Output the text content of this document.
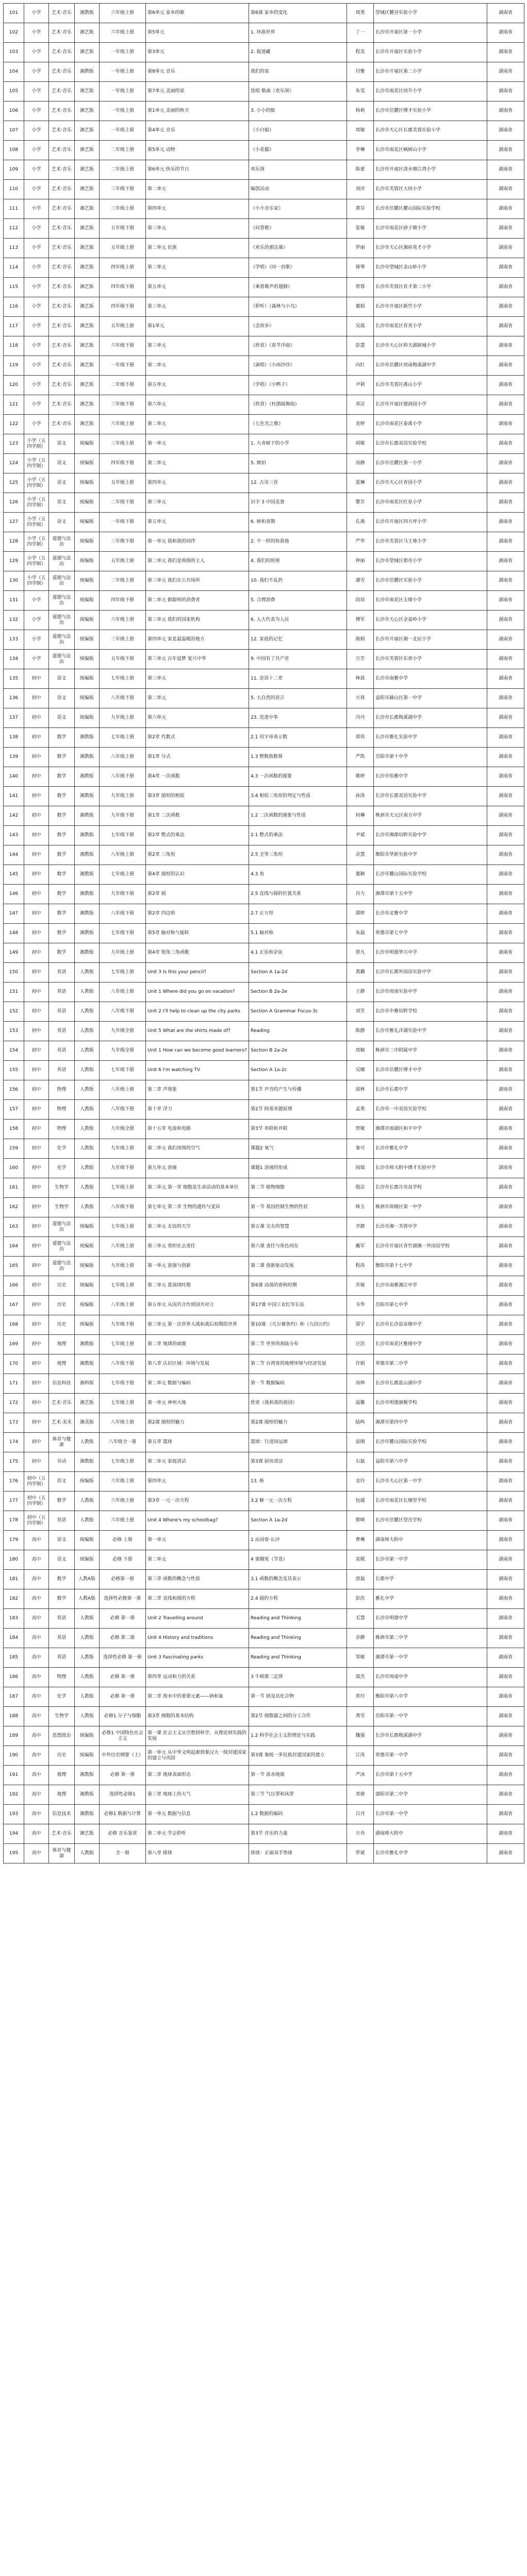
101	小学	艺术·音乐	湘教版	六年级上册	第6单元 家乡的歌	第6课 家乡的变化	周勇	望城区麓谷实验小学	湖南省
102	小学	艺术·音乐	湘艺版	六年级上册	第5单元	1. 环游世界	丁一	长沙市开福区第一小学	湖南省
103	小学	艺术·音乐	湘艺版	一年级上册	第3单元	2. 捉迷藏	程美	长沙市开福区实验小学	湖南省
104	小学	艺术·音乐	湘教版	一年级上册	第8单元 音乐	我们的家	付雅	长沙市开福区第二小学	湖南省
105	小学	艺术·音乐	湘艺版	一年级上册	第7单元 美丽的家	选唱 歌曲《欢乐颂》	朱雯	长沙市雨花区同升小学	湖南省
106	小学	艺术·音乐	湘艺版	一年级上册	第1单元 美丽的秋天	3. 小小的船	杨莉	长沙市岳麓区博才实验小学	湖南省
107	小学	艺术·音乐	湘艺版	一年级上册	第4单元 音乐	《小白船》	周敏	长沙市天心区长郡芙蓉实验小学	湖南省
108	小学	艺术·音乐	湘艺版	二年级上册	第5单元 动物	《小花猫》	李琳	长沙市雨花区枫树山小学	湖南省
109	小学	艺术·音乐	湘艺版	二年级上册	第6单元 快乐的节日	欢乐颂	陈蕾	长沙市开福区清水塘江湾小学	湖南省
110	小学	艺术·音乐	湘艺版	三年级下册	第二单元	编创活动	刘洋	长沙市芙蓉区大同小学	湖南省
111	小学	艺术·音乐	湘艺版	三年级上册	第四单元	《小小音乐家》	黄芬	长沙市岳麓区麓山国际实验学校	湖南省
112	小学	艺术·音乐	湘艺版	五年级下册	第三单元	《问答歌》	张敏	长沙市雨花区砂子塘小学	湖南省
113	小学	艺术·音乐	湘艺版	五年级上册	第二单元 民族	《欢乐的那达慕》	罗丽	长沙市天心区湘府英才小学	湖南省
114	小学	艺术·音乐	湘艺版	四年级上册	第二单元	（学唱）《同一首歌》	蒋琴	长沙市望城区金山桥小学	湖南省
115	小学	艺术·音乐	湘艺版	四年级下册	第五单元	《乘着歌声的翅膀》	曾蓉	长沙市芙蓉区育才第二小学	湖南省
116	小学	艺术·音乐	湘艺版	四年级下册	第三单元	（聆听）《森林与小鸟》	谢娟	长沙市开福区新竹小学	湖南省
117	小学	艺术·音乐	湘艺版	五年级上册	第1单元	《念故乡》	吴霞	长沙市雨花区育英小学	湖南省
118	小学	艺术·音乐	湘艺版	六年级下册	第三单元	（欣赏）《春节序曲》	彭慧	长沙市天心区仰天湖新城小学	湖南省
119	小学	艺术·音乐	湘艺版	一年级下册	第二单元	（演唱）《小雨沙沙》	向红	长沙市岳麓区周南梅溪湖中学	湖南省
120	小学	艺术·音乐	湘艺版	二年级下册	第五单元	（学唱）《小鸭子》	尹莉	长沙市芙蓉区燕山小学	湖南省
121	小学	艺术·音乐	湘艺版	三年级下册	第六单元	（欣赏）《杜鹃圆舞曲》	邓洁	长沙市开福区德润园小学	湖南省
122	小学	艺术·音乐	湘艺版	六年级上册	第二单元	《七色光之歌》	龙婷	长沙市雨花区泰禹小学	湖南省
123	小学（五四学制）	语文	统编版	三年级上册	第一单元	1. 大青树下的小学	胡敏	长沙市长郡双语实验学校	湖南省
124	小学（五四学制）	语文	统编版	四年级下册	第二单元	5. 琥珀	汤静	长沙市岳麓区第一小学	湖南省
125	小学（五四学制）	语文	统编版	五年级上册	第四单元	12. 古诗三首	夏琳	长沙市天心区青园小学	湖南省
126	小学（五四学制）	语文	统编版	二年级下册	第三单元	识字 3 中国美食	黎芳	长沙市雨花区红星小学	湖南省
127	小学（五四学制）	语文	统编版	一年级下册	第五单元	6. 树和喜鹊	孔燕	长沙市开福区四方坪小学	湖南省
128	小学（五四学制）	道德与法治	统编版	三年级下册	第一单元 我和我的同伴	2. 不一样的你我他	严华	长沙市芙蓉区马王堆小学	湖南省
129	小学（五四学制）	道德与法治	统编版	五年级上册	第二单元 我们是班级的主人	4. 我们的班规	钟丽	长沙市望城区郭亮小学	湖南省
130	小学（五四学制）	道德与法治	统编版	二年级上册	第三单元 我们在公共场所	10. 我们不乱扔	潘雪	长沙市岳麓区实验小学	湖南省
131	小学	道德与法治	统编版	四年级下册	第二单元 做聪明的消费者	5. 合理消费	段琼	长沙市雨花区圭塘小学	湖南省
132	小学	道德与法治	统编版	六年级上册	第三单元 我们的国家机构	6. 人大代表为人民	傅军	长沙市天心区金盆岭小学	湖南省
133	小学	道德与法治	统编版	三年级上册	第四单元 家是最温暖的地方	12. 家庭的记忆	熊娟	长沙市开福区湘一北辰小学	湖南省
134	小学	道德与法治	统编版	五年级下册	第三单元 百年追梦 复兴中华	9. 中国有了共产党	万芳	长沙市芙蓉区东郊小学	湖南省
135	初中	语文	统编版	七年级上册	第三单元	11. 论语十二章	林晨	长沙市南雅中学	湖南省
136	初中	语文	统编版	八年级下册	第二单元	5. 大自然的语言	方琦	益阳市赫山区第一中学	湖南省
137	初中	语文	统编版	九年级上册	第六单元	23. 范进中举	冯丹	长沙市长郡梅溪湖中学	湖南省
138	初中	数学	湘教版	七年级上册	第2章 代数式	2.1 用字母表示数	郑伟	长沙市雅礼实验中学	湖南省
139	初中	数学	湘教版	八年级上册	第1章 分式	1.3 整数指数幂	严凯	岳阳市第十中学	湖南省
140	初中	数学	湘教版	八年级下册	第4章 一次函数	4.3 一次函数的图象	姚婷	长沙市怡雅中学	湖南省
141	初中	数学	湘教版	九年级上册	第3章 图形的相似	3.4 相似三角形的判定与性质	孙涛	长沙市长郡双语实验中学	湖南省
142	初中	数学	湘教版	九年级下册	第1章 二次函数	1.2 二次函数的图象与性质	何琳	株洲市天元区南方中学	湖南省
143	初中	数学	湘教版	七年级下册	第2章 整式的乘法	2.1 整式的乘法	尹斌	长沙市湘郡培粹实验中学	湖南省
144	初中	数学	湘教版	八年级上册	第2章 三角形	2.5 全等三角形	余慧	衡阳市华新实验中学	湖南省
145	初中	数学	湘教版	七年级上册	第4章 图形的认识	4.3 角	董颖	长沙市麓山国际实验学校	湖南省
146	初中	数学	湘教版	九年级下册	第2章 圆	2.5 直线与圆的位置关系	肖力	湘潭市第十五中学	湖南省
147	初中	数学	湘教版	八年级下册	第2章 四边形	2.7 正方形	谭婷	长沙市北雅中学	湖南省
148	初中	数学	湘教版	七年级下册	第5章 轴对称与旋转	5.1 轴对称	朱磊	常德市第七中学	湖南省
149	初中	数学	湘教版	九年级上册	第4章 锐角三角函数	4.1 正弦和余弦	曾凡	长沙市明德华兴中学	湖南省
150	初中	英语	人教版	七年级上册	Unit 3 Is this your pencil?	Section A 1a-2d	黄璐	长沙市长郡外国语实验中学	湖南省
151	初中	英语	人教版	八年级上册	Unit 1 Where did you go on vacation?	Section B 2a-2e	王静	长沙市周南实验中学	湖南省
152	初中	英语	人教版	八年级下册	Unit 2 I'll help to clean up the city parks	Section A Grammar Focus-3c	刘芳	长沙市中雅培粹学校	湖南省
153	初中	英语	人教版	九年级全册	Unit 5 What are the shirts made of?	Reading	陈静	长沙市雅礼洋湖实验中学	湖南省
154	初中	英语	人教版	九年级全册	Unit 1 How can we become good learners?	Section B 2a-2e	周颖	株洲市二中附属中学	湖南省
155	初中	英语	人教版	七年级下册	Unit 6 I'm watching TV	Section A 1a-2c	吴娜	长沙市岳麓区博才中学	湖南省
156	初中	物理	人教版	八年级上册	第二章 声现象	第1节 声音的产生与传播	邱林	长沙市长郡中学	湖南省
157	初中	物理	人教版	八年级下册	第十章 浮力	第2节 阿基米德原理	孟勇	长沙市一中双语实验学校	湖南省
158	初中	物理	人教版	九年级全册	第十五章 电流和电路	第3节 串联和并联	贺敏	湘潭市雨湖区和平中学	湖南省
159	初中	化学	人教版	九年级上册	第二单元 我们周围的空气	课题2 氧气	秦可	长沙市雅礼中学	湖南省
160	初中	化学	人教版	九年级下册	第九单元 溶液	课题1 溶液的形成	阎瑞	长沙市师大附中博才实验中学	湖南省
161	初中	生物学	人教版	七年级上册	第二单元 第一章 细胞是生命活动的基本单位	第二节 植物细胞	殷洁	长沙市长郡月亮岛学校	湖南省
162	初中	生物学	人教版	八年级下册	第七单元 第二章 生物的遗传与变异	第一节 基因控制生物的性状	韩玉	株洲市荷塘区第一中学	湖南省
163	初中	道德与法治	统编版	七年级上册	第二单元 友谊的天空	第五课 交友的智慧	齐静	长沙市湘一芙蓉中学	湖南省
164	初中	道德与法治	统编版	八年级上册	第三单元 勇担社会责任	第六课 责任与角色同在	戴军	长沙市开福区青竹湖湘一外国语学校	湖南省
165	初中	道德与法治	统编版	九年级上册	第一单元 富强与创新	第二课 创新驱动发展	程涛	衡阳市第十七中学	湖南省
166	初中	历史	统编版	七年级上册	第二单元 夏商周时期	第6课 动荡的春秋时期	乔敏	长沙市南雅湘江中学	湖南省
167	初中	历史	统编版	八年级上册	第五单元 从国共合作到国共对立	第17课 中国工农红军长征	韦华	岳阳市第七中学	湖南省
168	初中	历史	统编版	九年级下册	第三单元 第一次世界大战和战后初期的世界	第10课 《凡尔赛条约》和《九国公约》	梁宇	长沙市长沙县泉塘中学	湖南省
169	初中	地理	湘教版	七年级上册	第二章 地球的面貌	第二节 世界的海陆分布	汪浩	长沙市雨花区雅境中学	湖南省
170	初中	地理	湘教版	八年级下册	第八章 认识区域：环境与发展	第二节 台湾省的地理环境与经济发展	许娟	常德市第二中学	湖南省
171	初中	信息科技	湘科版	七年级下册	第二单元 数据与编码	第一节 数据编码	汤帅	长沙市长郡蓝山湖中学	湖南省
172	初中	艺术·音乐	湘艺版	七年级上册	第一单元 神州大地	欣赏《我和我的祖国》	温馨	长沙市明德旗舰学校	湖南省
173	初中	艺术·美术	湘美版	八年级上册	第2课 图形的魅力	第2课 图形的魅力	陆鸣	湘潭市第四中学	湖南省
174	初中	体育与健康	人教版	八年级全一册	第五章 篮球	篮球：行进间运球	雷刚	长沙市麓山国际实验学校	湖南省
175	初中	劳动	湘教版	七年级上册	第二单元 家庭清洁	第3课 厨房清洁	石磊	益阳市第六中学	湖南省
176	初中（五四学制）	语文	统编版	六年级上册	第四单元	13. 桥	金玲	长沙市天心区第一中学	湖南省
177	初中（五四学制）	数学	人教版	六年级上册	第3章 一元一次方程	3.2 解一元一次方程	包越	长沙市雨花区长塘里学校	湖南省
178	初中（五四学制）	英语	人教版	六年级上册	Unit 4 Where's my schoolbag?	Section A 1a-2d	蔡晴	长沙市岳麓区望岳学校	湖南省
179	高中	语文	统编版	必修 上册	第一单元	1 沁园春·长沙	曹琳	湖南师大附中	湖南省
180	高中	语文	统编版	必修 下册	第二单元	4 窦娥冤（节选）	袁媛	长沙市第一中学	湖南省
181	高中	数学	人教A版	必修第一册	第三章 函数的概念与性质	3.1 函数的概念及其表示	唐磊	长郡中学	湖南省
182	高中	数学	人教A版	选择性必修第一册	第二章 直线和圆的方程	2.4 圆的方程	彭浩	雅礼中学	湖南省
183	高中	英语	人教版	必修 第一册	Unit 2 Travelling around	Reading and Thinking	毛慧	长沙市明德中学	湖南省
184	高中	英语	人教版	必修 第二册	Unit 4 History and traditions	Reading and Thinking	余静	株洲市第二中学	湖南省
185	高中	英语	人教版	选择性必修 第一册	Unit 3 Fascinating parks	Reading and Thinking	邹敏	湘潭市第一中学	湖南省
186	高中	物理	人教版	必修 第一册	第四章 运动和力的关系	3 牛顿第二定律	邵杰	长沙市周南中学	湖南省
187	高中	化学	人教版	必修 第一册	第二章 海水中的重要元素——钠和氯	第一节 钠及其化合物	常玲	衡阳市第八中学	湖南省
188	高中	生物学	人教版	必修1 分子与细胞	第3章 细胞的基本结构	第2节 细胞器之间的分工合作	龚雪	岳阳市第一中学	湖南省
189	高中	思想政治	统编版	必修1 中国特色社会主义	第一课 社会主义从空想到科学、从理论到实践的发展	1.2 科学社会主义的理论与实践	魏强	长沙市长郡梅溪湖中学	湖南省
190	高中	历史	统编版	中外历史纲要（上）	第一单元 从中华文明起源到秦汉大一统封建国家的建立与巩固	第3课 秦统一多民族封建国家的建立	江涛	常德市第一中学	湖南省
191	高中	地理	湘教版	必修 第一册	第二章 地球表面形态	第一节 流水地貌	严冰	长沙市第十五中学	湖南省
192	高中	地理	湘教版	选择性必修1	第三章 地球上的大气	第三节 气压带和风带	邓倩	邵阳市第二中学	湖南省
193	高中	信息技术	湘教版	必修1 数据与计算	第一单元 数据与信息	1.2 数据的编码	吕丹	长沙市第一中学	湖南省
194	高中	艺术·音乐	湘艺版	必修 音乐鉴赏	第二单元 学会聆听	第3节 音乐的力量	方舟	湖南师大附中	湖南省
195	高中	体育与健康	人教版	全一册	第八章 排球	排球：正面双手垫球	罗斌	长沙市雅礼中学	湖南省
